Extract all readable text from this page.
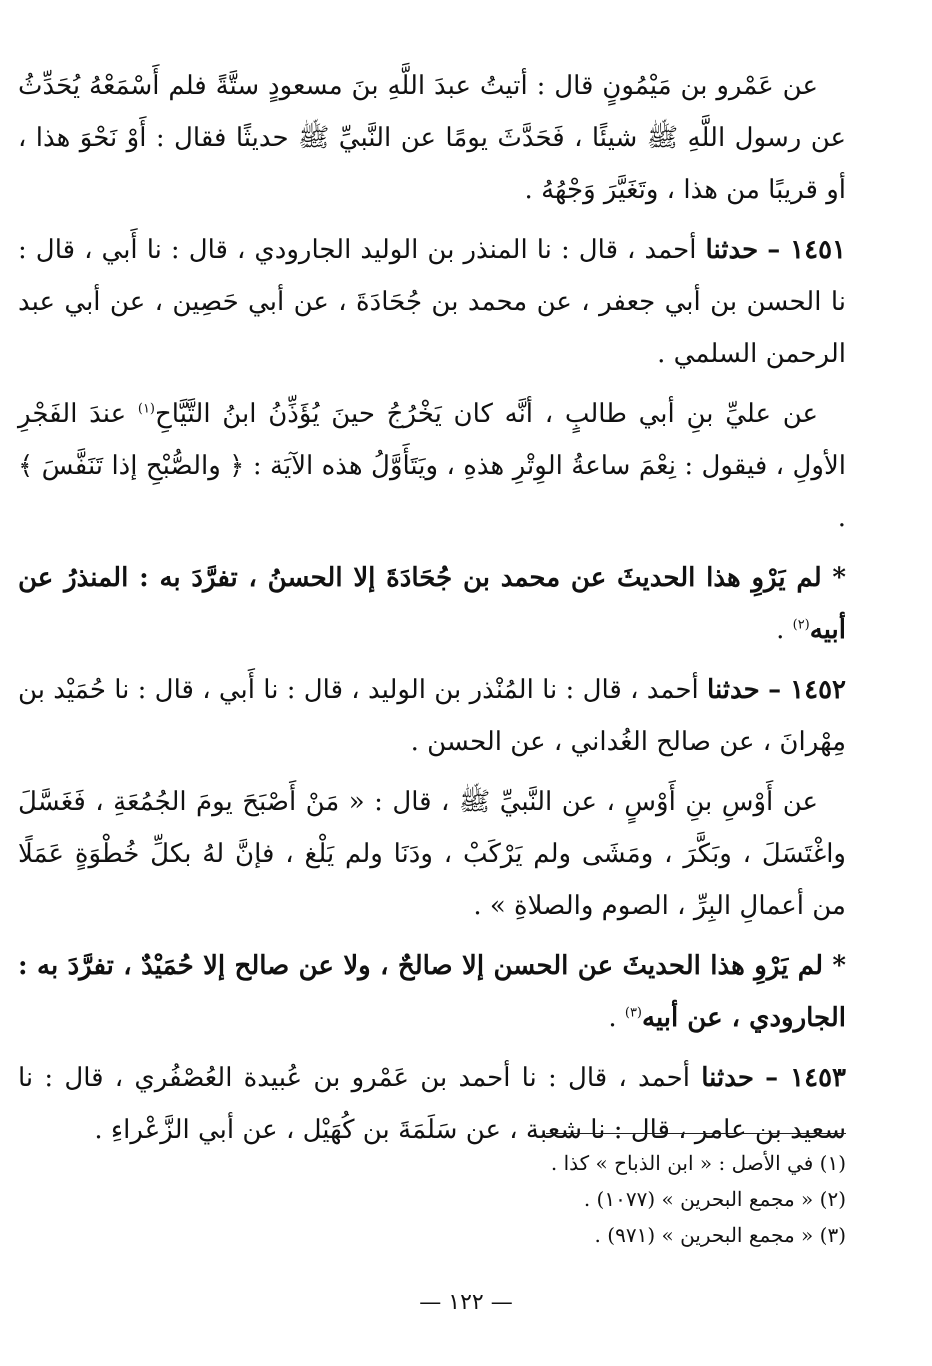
عن عَمْرو بن مَيْمُونٍ قال : أتيتُ عبدَ اللَّهِ بنَ مسعودٍ ستَّةً فلم أَسْمَعْهُ يُحَدِّثُ عن رسول اللَّهِ ﷺ شيئًا ، فَحَدَّثَ يومًا عن النَّبيِّ ﷺ حديثًا فقال : أَوْ نَحْوَ هذا ، أو قريبًا من هذا ، وتَغَيَّرَ وَجْهُهُ .

١٤٥١ – حدثنا أحمد ، قال : نا المنذر بن الوليد الجارودي ، قال : نا أَبي ، قال : نا الحسن بن أبي جعفر ، عن محمد بن جُحَادَةَ ، عن أبي حَصِين ، عن أبي عبد الرحمن السلمي .

عن عليِّ بنِ أبي طالبٍ ، أنَّه كان يَخْرُجُ حينَ يُؤَذِّنُ ابنُ التَّيَّاحِ$^{(١)}$ عندَ الفَجْرِ الأولِ ، فيقول : نِعْمَ ساعةُ الوِتْرِ هذهِ ، ويَتَأَوَّلُ هذه الآيَة : ﴿ والصُّبْحِ إذا تَنَفَّسَ ﴾ .

* لم يَرْوِ هذا الحديثَ عن محمد بن جُحَادَةَ إلا الحسنُ ، تفرَّدَ به : المنذرُ عن أبيه$^{(٢)}$ .

١٤٥٢ – حدثنا أحمد ، قال : نا المُنْذر بن الوليد ، قال : نا أَبي ، قال : نا حُمَيْد بن مِهْرانَ ، عن صالح الغُداني ، عن الحسن .

عن أَوْسِ بنِ أَوْسٍ ، عن النَّبيِّ ﷺ ، قال : « مَنْ أَصْبَحَ يومَ الجُمُعَةِ ، فَغَسَّلَ واغْتَسَلَ ، وبَكَّرَ ، ومَشَى ولم يَرْكَبْ ، ودَنَا ولم يَلْغ ، فإنَّ لهُ بكلِّ خُطْوَةٍ عَمَلًا من أعمالِ البِرِّ ، الصوم والصلاةِ » .

* لم يَرْوِ هذا الحديثَ عن الحسن إلا صالحٌ ، ولا عن صالح إلا حُمَيْدٌ ، تفرَّدَ به : الجارودي ، عن أبيه$^{(٣)}$ .

١٤٥٣ – حدثنا أحمد ، قال : نا أحمد بن عَمْرو بن عُبيدة العُصْفُري ، قال : نا سعيد بن عامر ، قال : نا شعبة ، عن سَلَمَةَ بن كُهَيْل ، عن أبي الزَّعْراءِ .

(١) في الأصل : « ابن الذباح » كذا .
(٢) « مجمع البحرين » (١٠٧٧) .
(٣) « مجمع البحرين » (٩٧١) .
— ١٢٢ —
